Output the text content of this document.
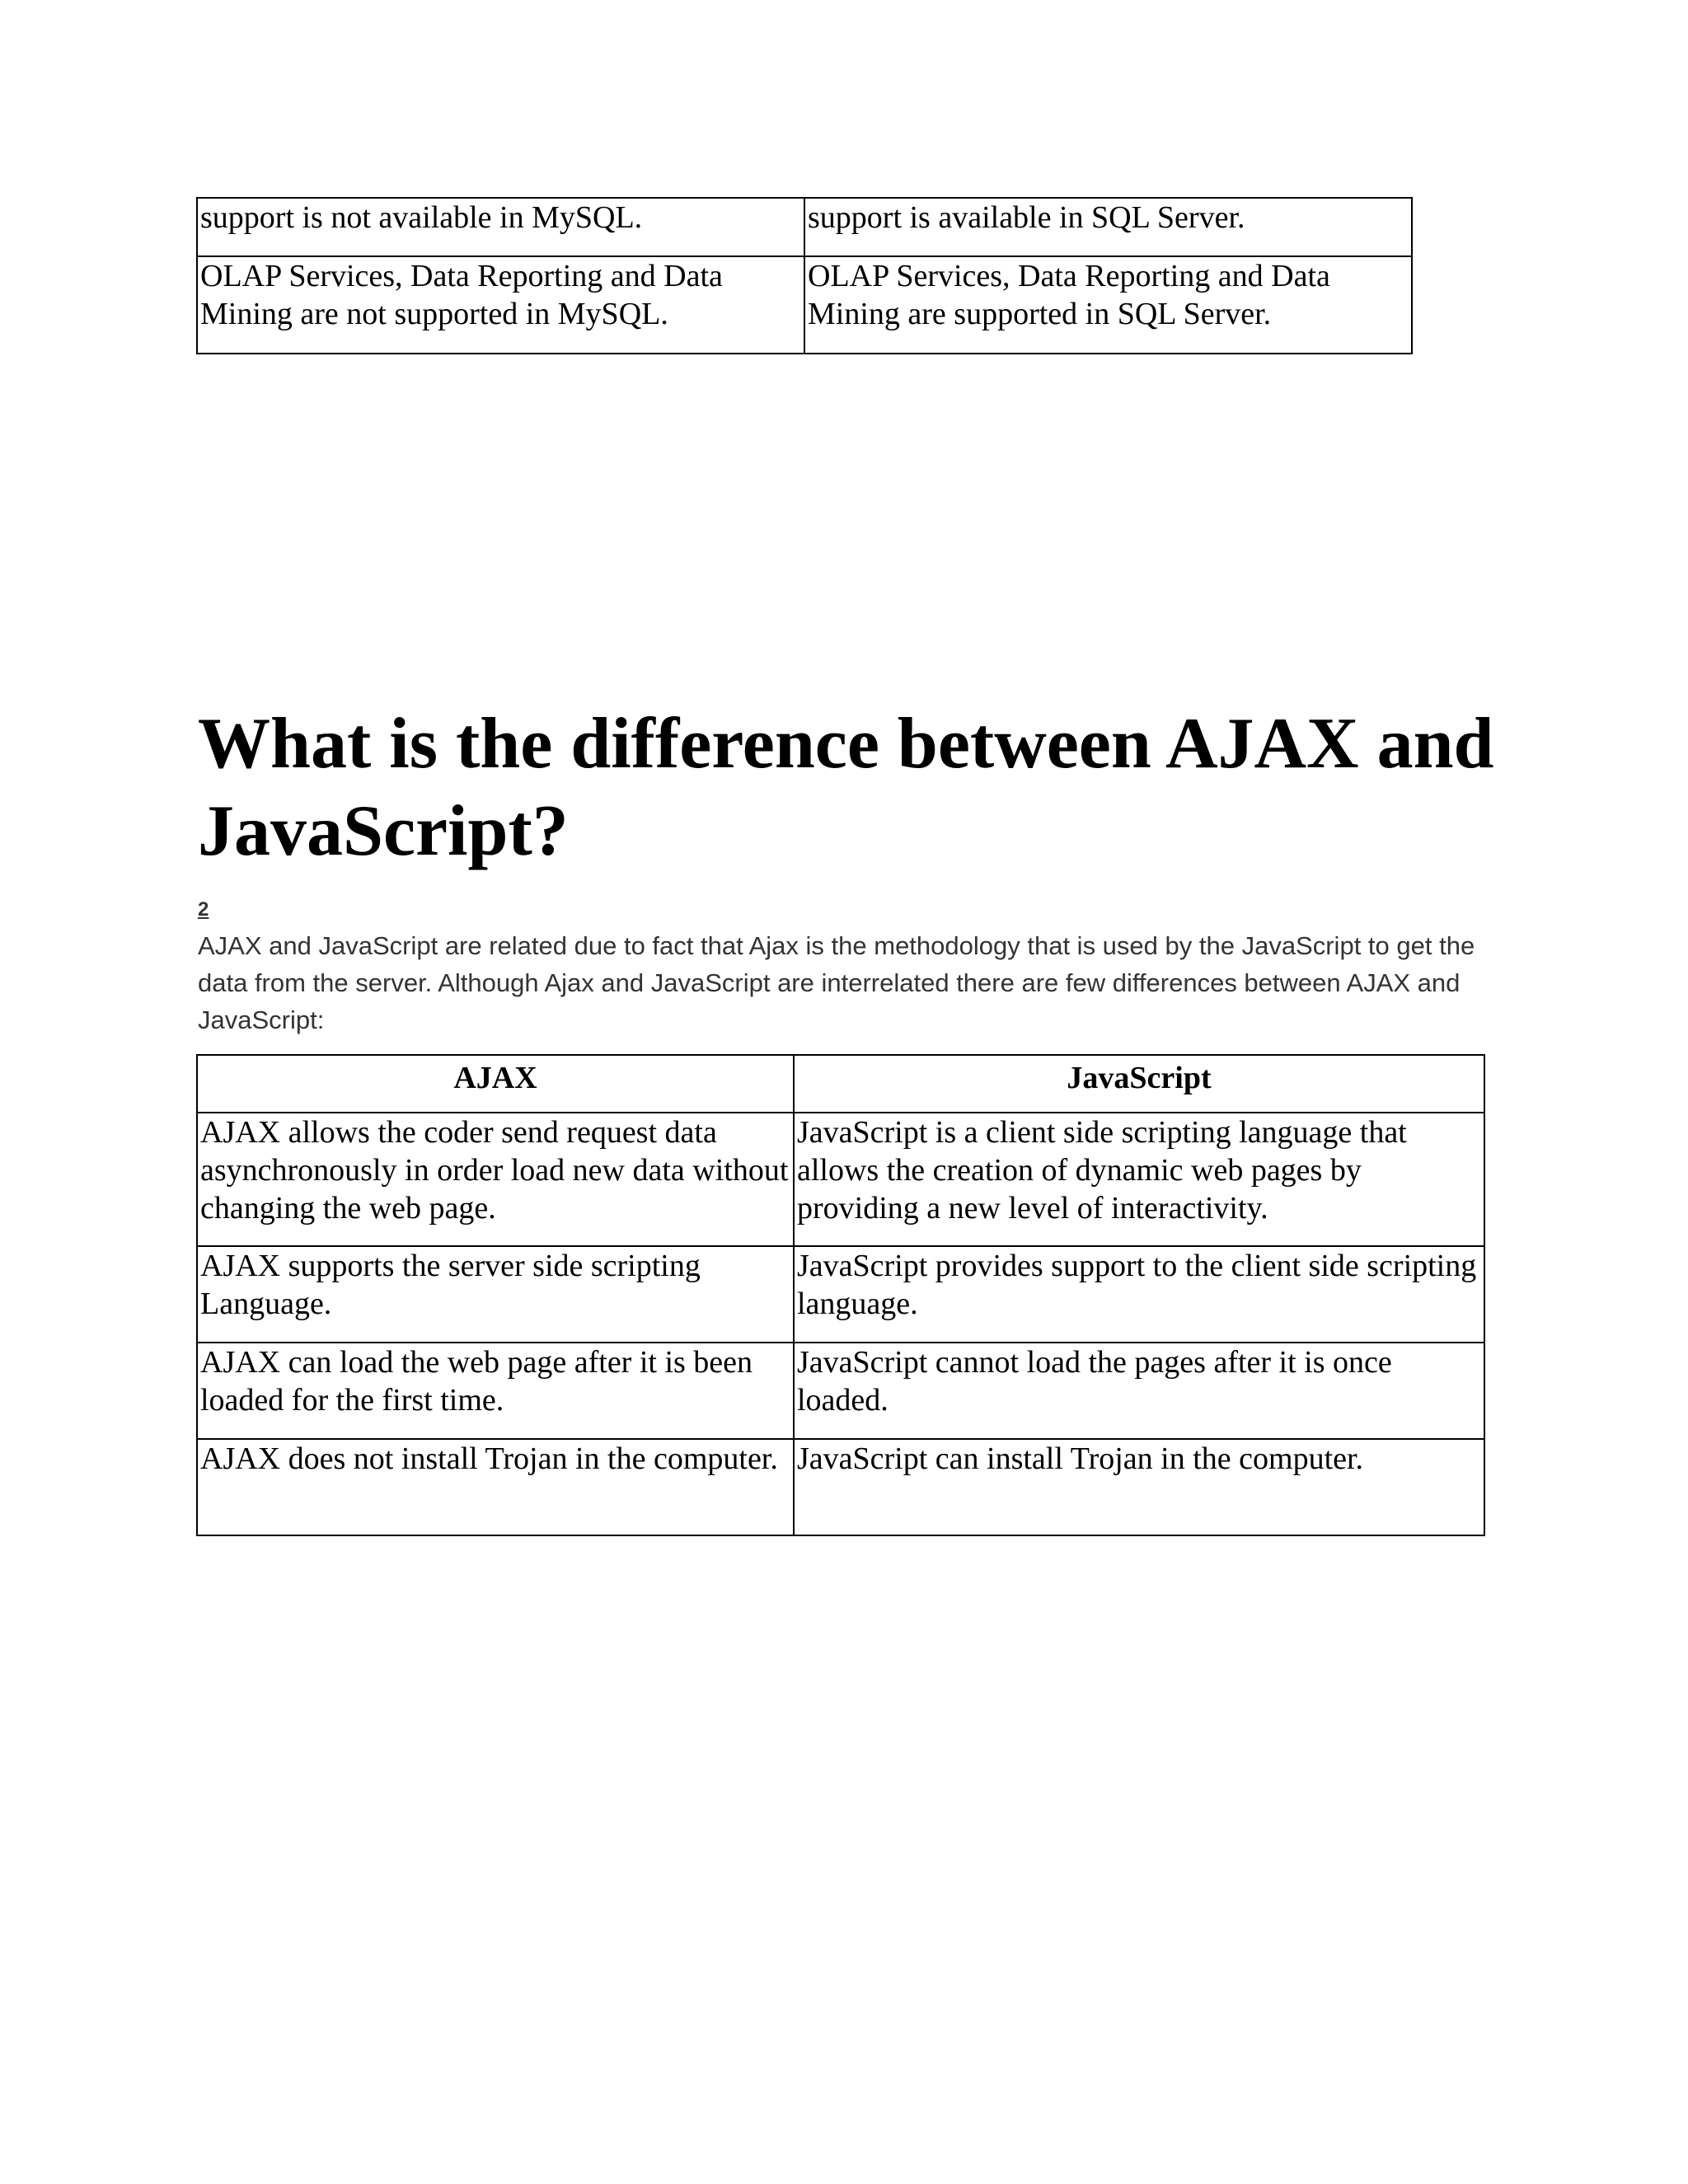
support is not available in MySQL.	support is available in SQL Server.
OLAP Services, Data Reporting and Data Mining are not supported in MySQL.	OLAP Services, Data Reporting and Data Mining are supported in SQL Server.
What is the difference between AJAX and JavaScript?
2

AJAX and JavaScript are related due to fact that Ajax is the methodology that is used by the JavaScript to get the data from the server. Although Ajax and JavaScript are interrelated there are few differences between AJAX and JavaScript:

AJAX	JavaScript
AJAX allows the coder send request data asynchronously in order load new data without changing the web page.	JavaScript is a client side scripting language that allows the creation of dynamic web pages by providing a new level of interactivity.
AJAX supports the server side scripting Language.	JavaScript provides support to the client side scripting language.
AJAX can load the web page after it is been loaded for the first time.	JavaScript cannot load the pages after it is once loaded.
AJAX does not install Trojan in the computer.	JavaScript can install Trojan in the computer.
